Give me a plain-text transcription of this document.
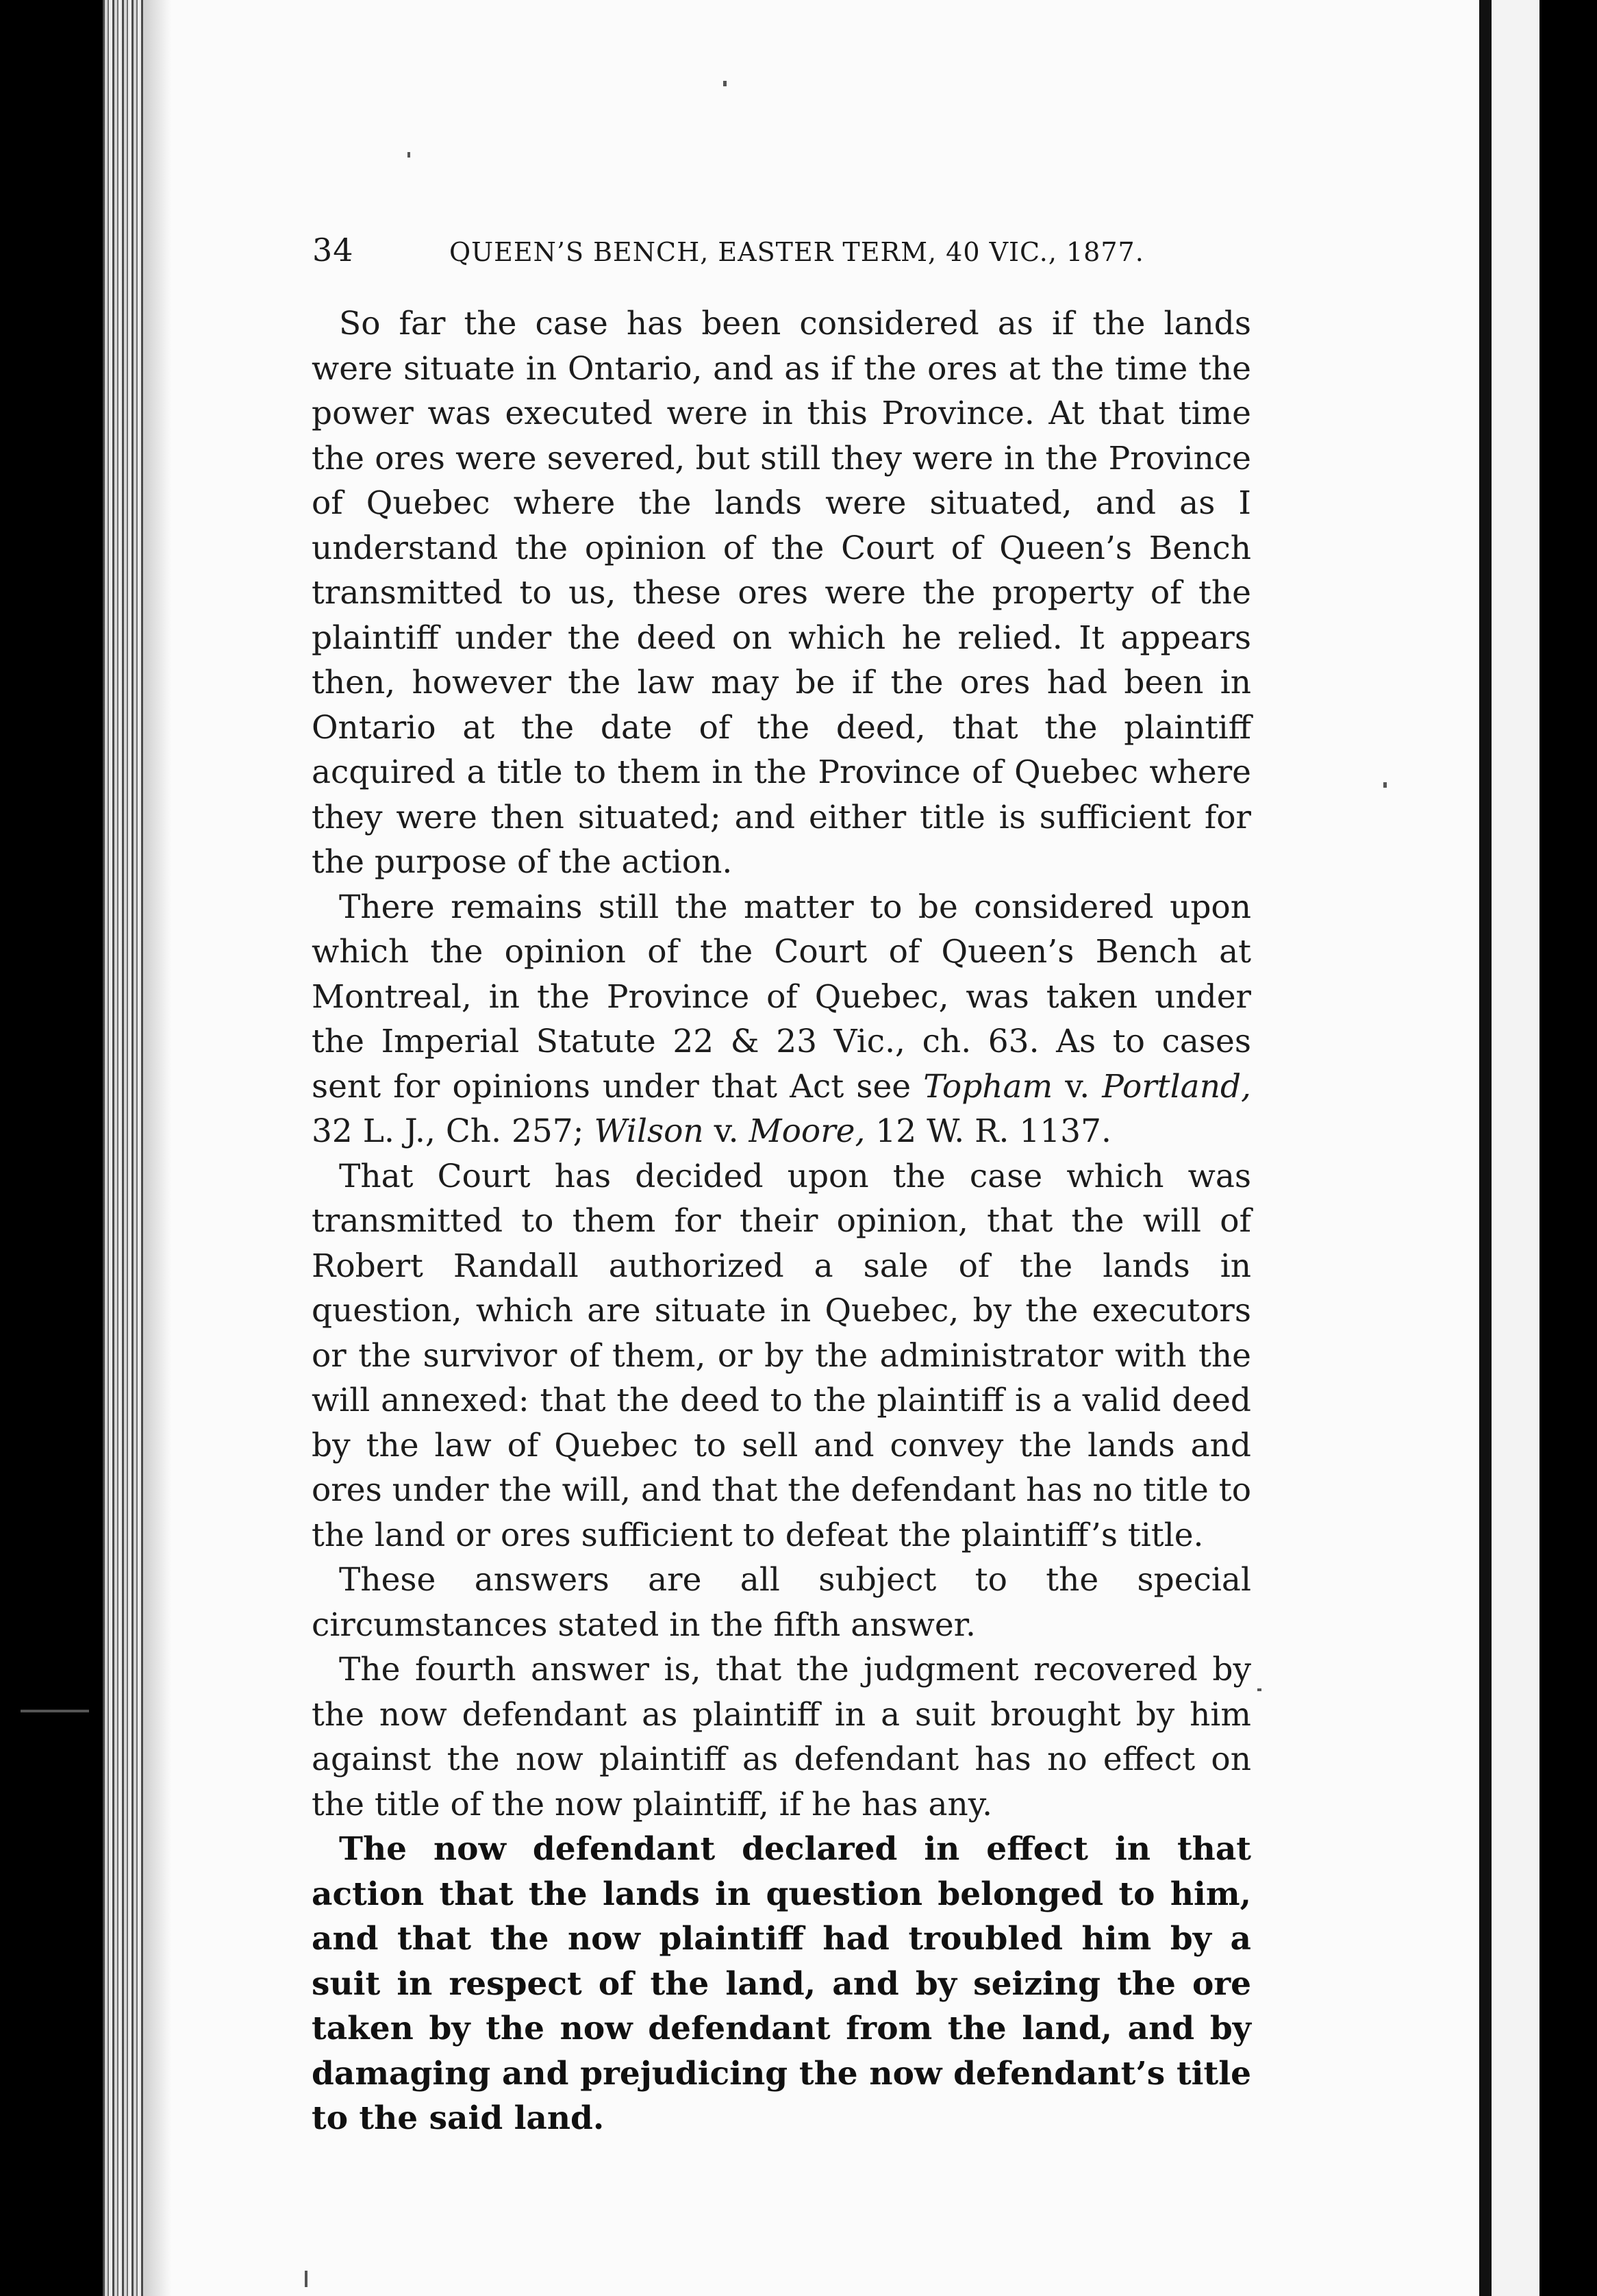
34	QUEEN’S BENCH, EASTER TERM, 40 VIC., 1877.

So far the case has been considered as if the lands were situate in Ontario, and as if the ores at the time the power was executed were in this Province. At that time the ores were severed, but still they were in the Province of Quebec where the lands were situated, and as I understand the opinion of the Court of Queen’s Bench transmitted to us, these ores were the property of the plaintiff under the deed on which he relied. It appears then, however the law may be if the ores had been in Ontario at the date of the deed, that the plaintiff acquired a title to them in the Province of Quebec where they were then situated; and either title is sufficient for the purpose of the action.

There remains still the matter to be considered upon which the opinion of the Court of Queen’s Bench at Montreal, in the Province of Quebec, was taken under the Imperial Statute 22 & 23 Vic., ch. 63. As to cases sent for opinions under that Act see Topham v. Portland, 32 L. J., Ch. 257; Wilson v. Moore, 12 W. R. 1137.

That Court has decided upon the case which was transmitted to them for their opinion, that the will of Robert Randall authorized a sale of the lands in question, which are situate in Quebec, by the executors or the survivor of them, or by the administrator with the will annexed: that the deed to the plaintiff is a valid deed by the law of Quebec to sell and convey the lands and ores under the will, and that the defendant has no title to the land or ores sufficient to defeat the plaintiff’s title.

These answers are all subject to the special circumstances stated in the fifth answer.

The fourth answer is, that the judgment recovered by the now defendant as plaintiff in a suit brought by him against the now plaintiff as defendant has no effect on the title of the now plaintiff, if he has any.

The now defendant declared in effect in that action that the lands in question belonged to him, and that the now plaintiff had troubled him by a suit in respect of the land, and by seizing the ore taken by the now defendant from the land, and by damaging and prejudicing the now defendant’s title to the said land.
